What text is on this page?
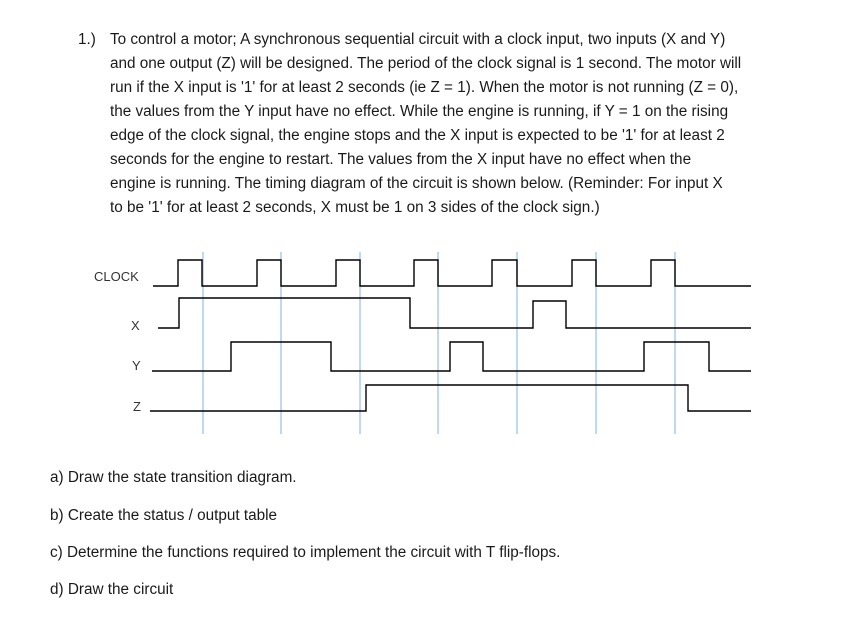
1.) To control a motor; A synchronous sequential circuit with a clock input, two inputs (X and Y)
and one output (Z) will be designed. The period of the clock signal is 1 second. The motor will
run if the X input is '1' for at least 2 seconds (ie Z = 1). When the motor is not running (Z = 0),
the values from the Y input have no effect. While the engine is running, if Y = 1 on the rising
edge of the clock signal, the engine stops and the X input is expected to be '1' for at least 2
seconds for the engine to restart. The values from the X input have no effect when the
engine is running. The timing diagram of the circuit is shown below. (Reminder: For input X
to be '1' for at least 2 seconds, X must be 1 on 3 sides of the clock sign.)
CLOCK
X
Y
Z
a) Draw the state transition diagram.
b) Create the status / output table
c) Determine the functions required to implement the circuit with T flip-flops.
d) Draw the circuit
